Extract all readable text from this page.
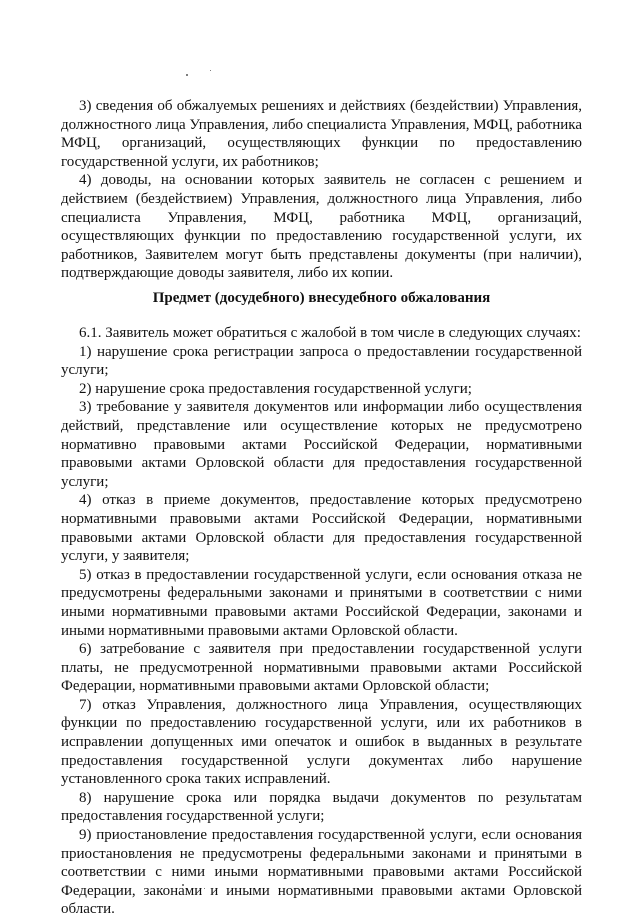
3) сведения об обжалуемых решениях и действиях (бездействии) Управления, должностного лица Управления, либо специалиста Управления, МФЦ, работника МФЦ, организаций, осуществляющих функции по предоставлению государственной услуги, их работников;

4) доводы, на основании которых заявитель не согласен с решением и действием (бездействием) Управления, должностного лица Управления, либо специалиста Управления, МФЦ, работника МФЦ, организаций, осуществляющих функции по предоставлению государственной услуги, их работников, Заявителем могут быть представлены документы (при наличии), подтверждающие доводы заявителя, либо их копии.

Предмет (досудебного) внесудебного обжалования

6.1. Заявитель может обратиться с жалобой в том числе в следующих случаях:

1) нарушение срока регистрации запроса о предоставлении государственной услуги;

2) нарушение срока предоставления государственной услуги;

3) требование у заявителя документов или информации либо осуществления действий, представление или осуществление которых не предусмотрено нормативно правовыми актами Российской Федерации, нормативными правовыми актами Орловской области для предоставления государственной услуги;

4) отказ в приеме документов, предоставление которых предусмотрено нормативными правовыми актами Российской Федерации, нормативными правовыми актами Орловской области для предоставления государственной услуги, у заявителя;

5) отказ в предоставлении государственной услуги, если основания отказа не предусмотрены федеральными законами и принятыми в соответствии с ними иными нормативными правовыми актами Российской Федерации, законами и иными нормативными правовыми актами Орловской области.

6) затребование с заявителя при предоставлении государственной услуги платы, не предусмотренной нормативными правовыми актами Российской Федерации, нормативными правовыми актами Орловской области;

7) отказ Управления, должностного лица Управления, осуществляющих функции по предоставлению государственной услуги, или их работников в исправлении допущенных ими опечаток и ошибок в выданных в результате предоставления государственной услуги документах либо нарушение установленного срока таких исправлений.

8) нарушение срока или порядка выдачи документов по результатам предоставления государственной услуги;

9) приостановление предоставления государственной услуги, если основания приостановления не предусмотрены федеральными законами и принятыми в соответствии с ними иными нормативными правовыми актами Российской Федерации, законами и иными нормативными правовыми актами Орловской области.
